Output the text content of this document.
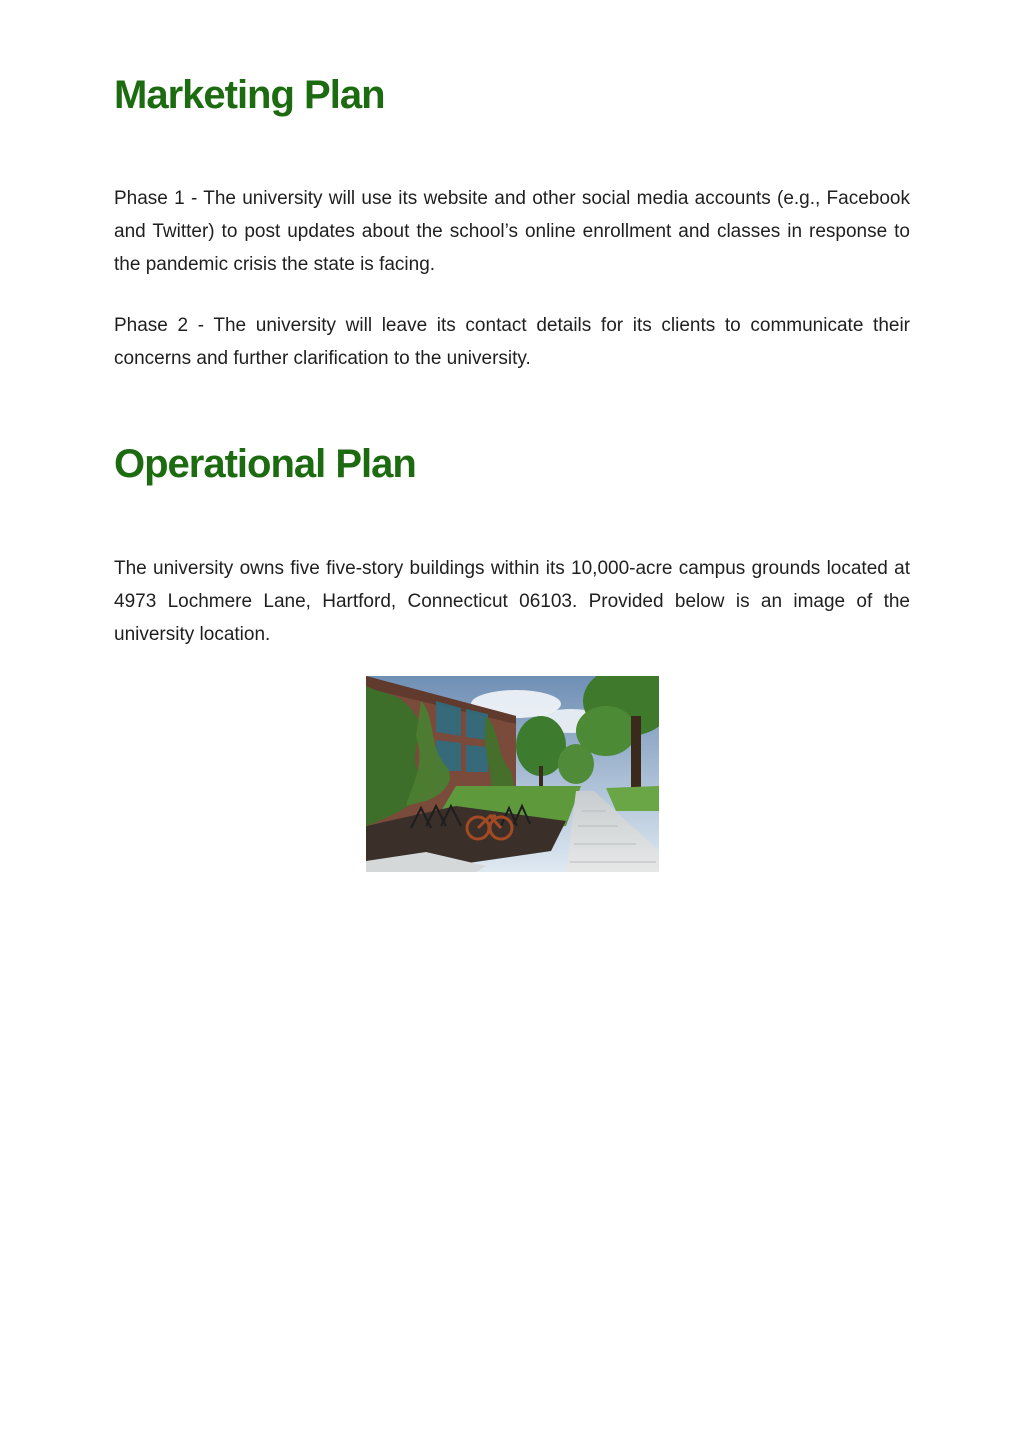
Marketing Plan

Phase 1 - The university will use its website and other social media accounts (e.g., Facebook and Twitter) to post updates about the school’s online enrollment and classes in response to the pandemic crisis the state is facing.

Phase 2 - The university will leave its contact details for its clients to communicate their concerns and further clarification to the university.

Operational Plan

The university owns five five-story buildings within its 10,000-acre campus grounds located at 4973 Lochmere Lane, Hartford, Connecticut 06103. Provided below is an image of the university location.
